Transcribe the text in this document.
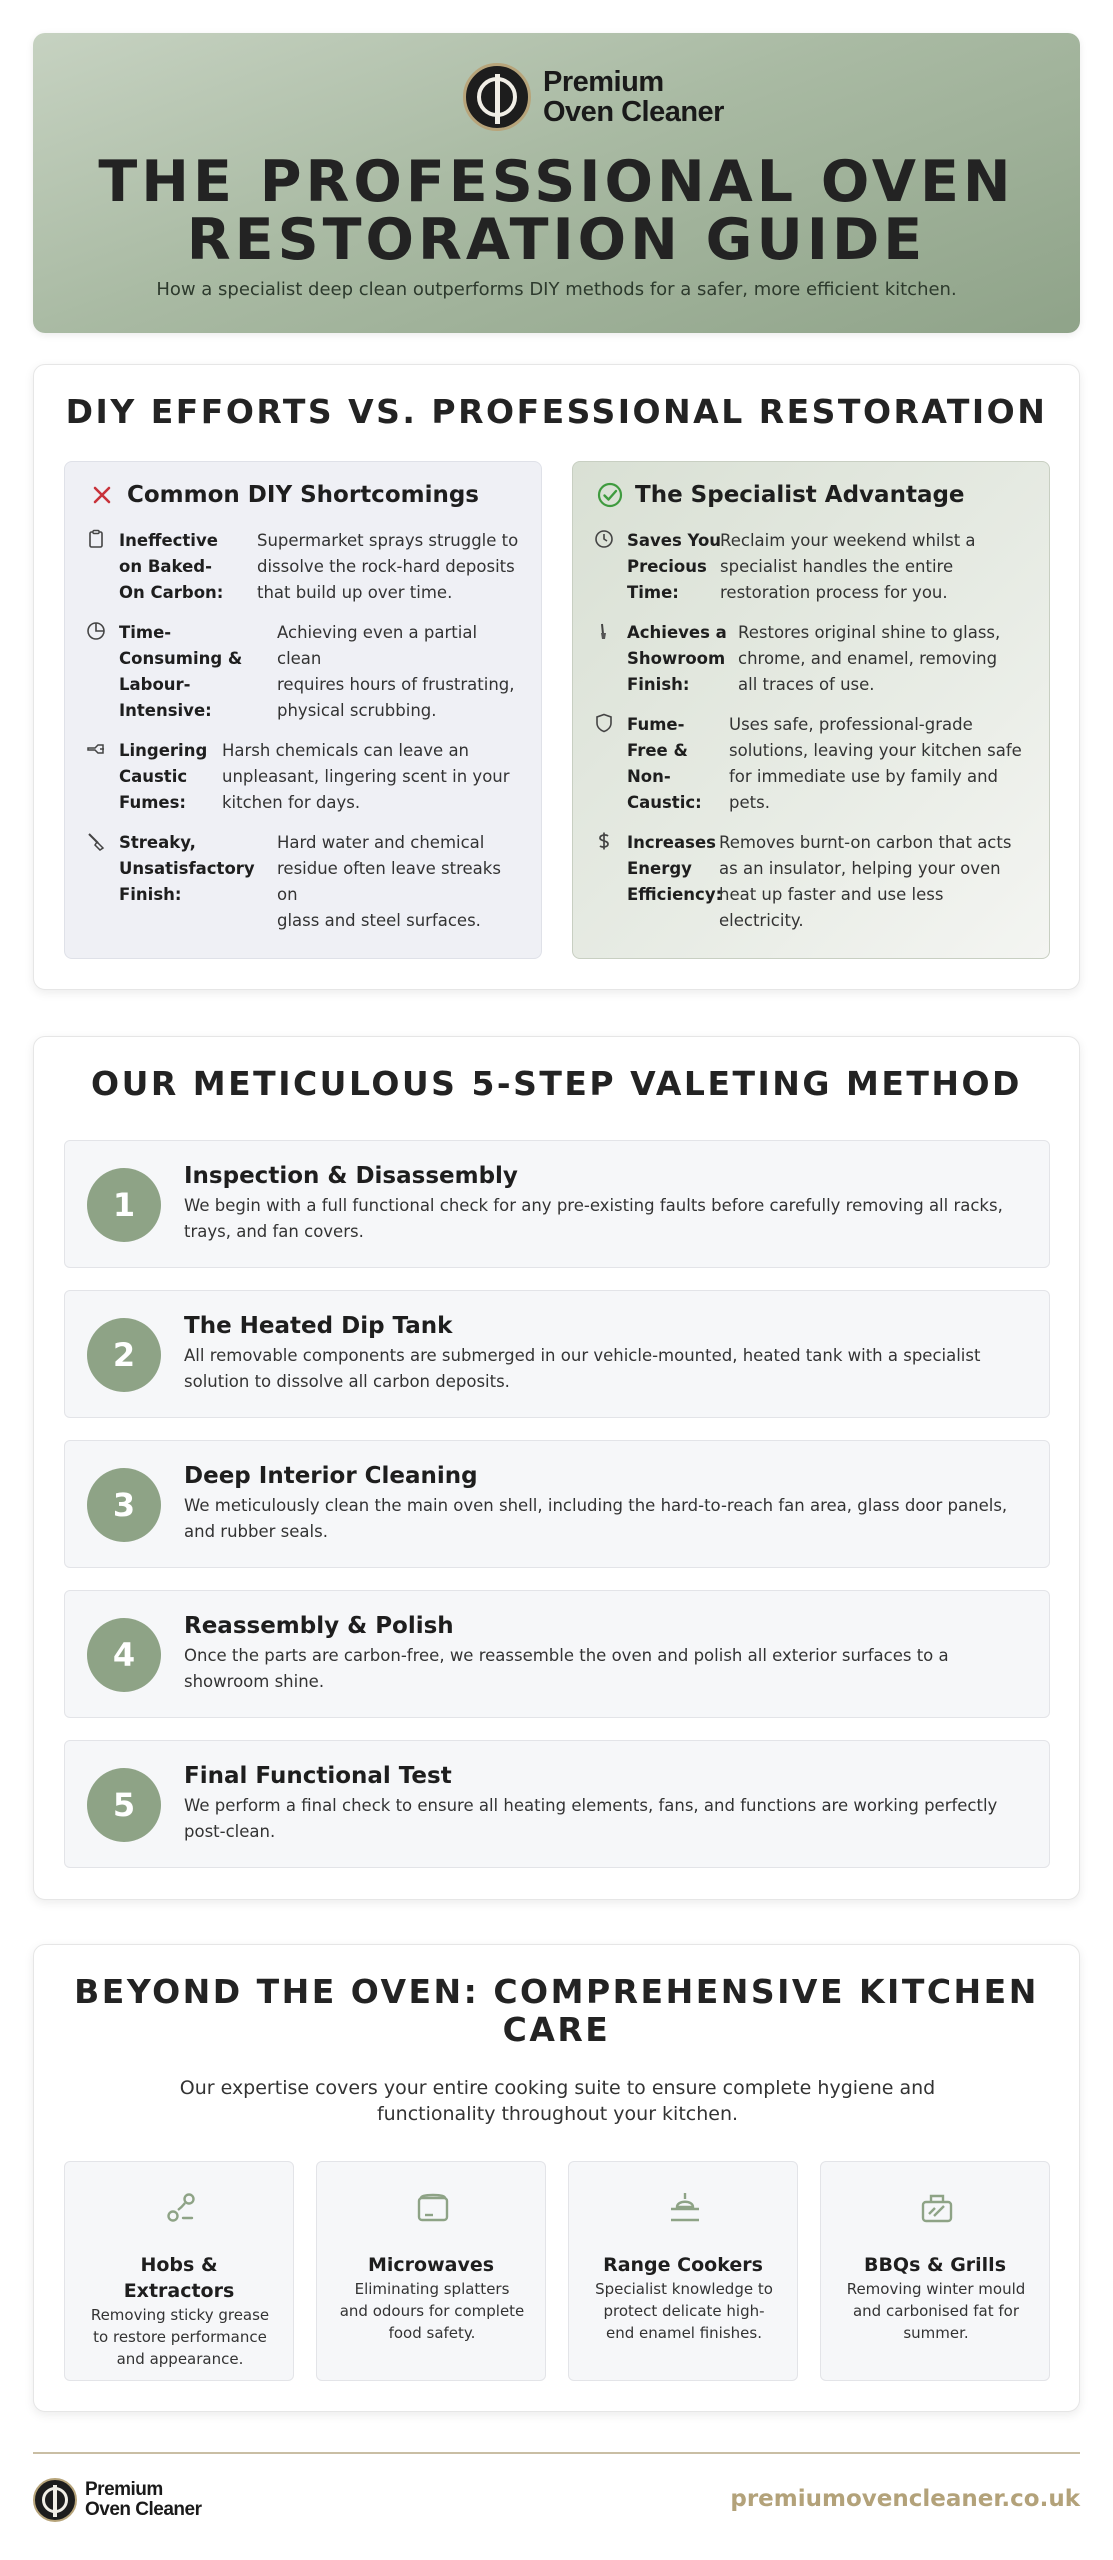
Premium
Oven Cleaner
THE PROFESSIONAL OVEN
RESTORATION GUIDE

How a specialist deep clean outperforms DIY methods for a safer, more efficient kitchen.

DIY EFFORTS VS. PROFESSIONAL RESTORATION
Common DIY Shortcomings
Ineffective
on Baked-
On Carbon:
Supermarket sprays struggle to
dissolve the rock-hard deposits
that build up over time.
Time-
Consuming &
Labour-
Intensive:
Achieving even a partial clean
requires hours of frustrating,
physical scrubbing.
Lingering
Caustic
Fumes:
Harsh chemicals can leave an
unpleasant, lingering scent in your
kitchen for days.
Streaky,
Unsatisfactory
Finish:
Hard water and chemical
residue often leave streaks on
glass and steel surfaces.
The Specialist Advantage
Saves You
Precious
Time:
Reclaim your weekend whilst a
specialist handles the entire
restoration process for you.
Achieves a
Showroom
Finish:
Restores original shine to glass,
chrome, and enamel, removing
all traces of use.
Fume-
Free &
Non-
Caustic:
Uses safe, professional-grade
solutions, leaving your kitchen safe
for immediate use by family and
pets.
Increases
Energy
Efficiency:
Removes burnt-on carbon that acts
as an insulator, helping your oven
heat up faster and use less
electricity.
OUR METICULOUS 5-STEP VALETING METHOD
1
Inspection & Disassembly
We begin with a full functional check for any pre-existing faults before carefully removing all racks,
trays, and fan covers.
2
The Heated Dip Tank
All removable components are submerged in our vehicle-mounted, heated tank with a specialist
solution to dissolve all carbon deposits.
3
Deep Interior Cleaning
We meticulously clean the main oven shell, including the hard-to-reach fan area, glass door panels,
and rubber seals.
4
Reassembly & Polish
Once the parts are carbon-free, we reassemble the oven and polish all exterior surfaces to a
showroom shine.
5
Final Functional Test
We perform a final check to ensure all heating elements, fans, and functions are working perfectly
post-clean.
BEYOND THE OVEN: COMPREHENSIVE KITCHEN
CARE

Our expertise covers your entire cooking suite to ensure complete hygiene and
functionality throughout your kitchen.

Hobs &
Extractors
Removing sticky grease
to restore performance
and appearance.
Microwaves
Eliminating splatters
and odours for complete
food safety.
Range Cookers
Specialist knowledge to
protect delicate high-
end enamel finishes.
BBQs & Grills
Removing winter mould
and carbonised fat for
summer.
Premium
Oven Cleaner	premiumovencleaner.co.uk
